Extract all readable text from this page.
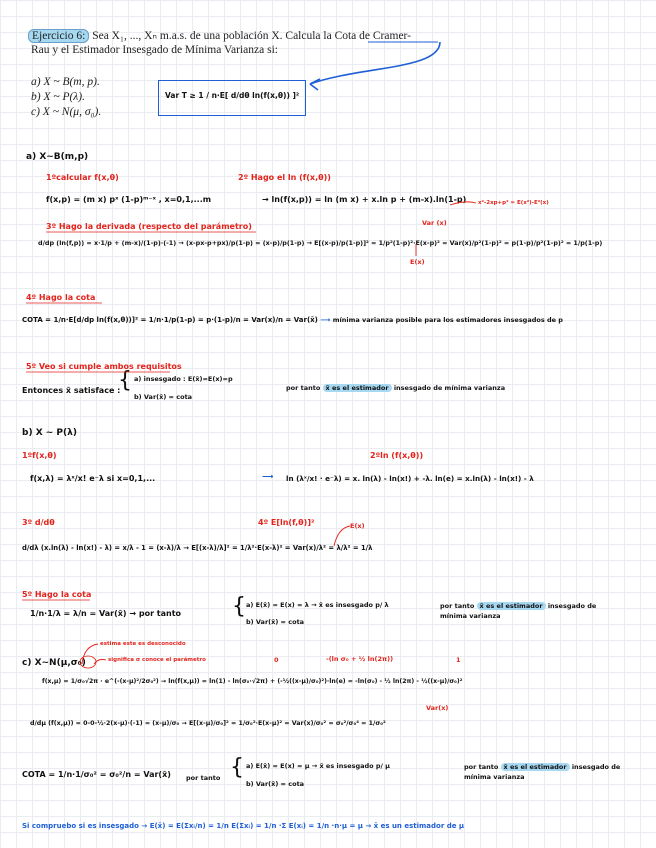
Ejercicio 6: Sea X₁, ..., Xₙ m.a.s. de una población X. Calcula la Cota de Cramer-
Rau y el Estimador Insesgado de Mínima Varianza si:
a) X ~ B(m, p).
b) X ~ P(λ).
c) X ~ N(μ, σ₀).
Var T ≥ 1 / n·E[ d/dθ ln(f(x,θ)) ]²
a) X~B(m,p)
1ºcalcular f(x,θ)	2º Hago el ln (f(x,θ))
f(x,p) = (m x) pˣ (1-p)ᵐ⁻ˣ , x=0,1,...m	→ ln(f(x,p)) = ln (m x) + x.ln p + (m-x).ln(1-p) x²-2xp+p² = E(x²)-E²(x)
3º Hago la derivada (respecto del parámetro)	Var (x)
d/dp (ln(f,p)) = x·1/p + (m-x)/(1-p)·(-1) → (x-px-p+px)/p(1-p) = (x-p)/p(1-p) → E[(x-p)/p(1-p)]² = 1/p²(1-p)²·E(x-p)² = Var(x)/p²(1-p)² = p(1-p)/p²(1-p)² = 1/p(1-p)
E(x)
4º Hago la cota
COTA = 1/n·E[d/dp ln(f(x,θ))]² = 1/n·1/p(1-p) = p·(1-p)/n = Var(x)/n = Var(x̄) ⟶ mínima varianza posible para los estimadores insesgados de p
5º Veo si cumple ambos requisitos
Entonces x̄ satisface :
{ a) insesgado : E(x̄)=E(x)=p
b) Var(x̄) = cota
por tanto x̄ es el estimador insesgado de mínima varianza
b) X ~ P(λ)
1ºf(x,θ)	2ºln (f(x,θ))
f(x,λ) = λˣ/x! e⁻λ si x=0,1,...	⟶ ln (λˣ/x! · e⁻λ) = x. ln(λ) - ln(x!) + -λ. ln(e) = x.ln(λ) - ln(x!) - λ
3º d/dθ	4º E[ln(f,θ)]²	E(x)
d/dλ (x.ln(λ) - ln(x!) - λ) = x/λ - 1 = (x-λ)/λ → E[(x-λ)/λ]² = 1/λ²·E(x-λ)² = Var(x)/λ² = λ/λ² = 1/λ
5º Hago la cota
1/n·1/λ = λ/n = Var(x̄) → por tanto { a) E(x̄) = E(x) = λ → x̄ es insesgado p/ λ
b) Var(x̄) = cota
por tanto x̄ es el estimador insesgado de mínima varianza
estima este es desconocido
significa σ conoce el parámetro	0	-(ln σ₀ + ½ ln(2π))	1
c) X~N(μ,σ₀)
f(x,μ) = 1/σ₀√2π · e^(-(x-μ)²/2σ₀²) → ln(f(x,μ)) = ln(1) - ln(σ₀·√2π) + (-½((x-μ)/σ₀)²)·ln(e) = -ln(σ₀) - ½ ln(2π) - ½((x-μ)/σ₀)²
Var(x)
d/dμ (f(x,μ)) = 0-0-½·2(x-μ)·(-1) = (x-μ)/σ₀ → E[(x-μ)/σ₀]² = 1/σ₀²·E(x-μ)² = Var(x)/σ₀² = σ₀²/σ₀⁴ = 1/σ₀²
COTA = 1/n·1/σ₀² = σ₀²/n = Var(x̄) por tanto { a) E(x̄) = E(x) = μ → x̄ es insesgado p/ μ
b) Var(x̄) = cota
por tanto x̄ es el estimador insesgado de mínima varianza
Si compruebo si es insesgado → E(x̄) = E(Σxᵢ/n) = 1/n E(Σxᵢ) = 1/n ·Σ E(xᵢ) = 1/n ·n·μ = μ → x̄ es un estimador de μ
